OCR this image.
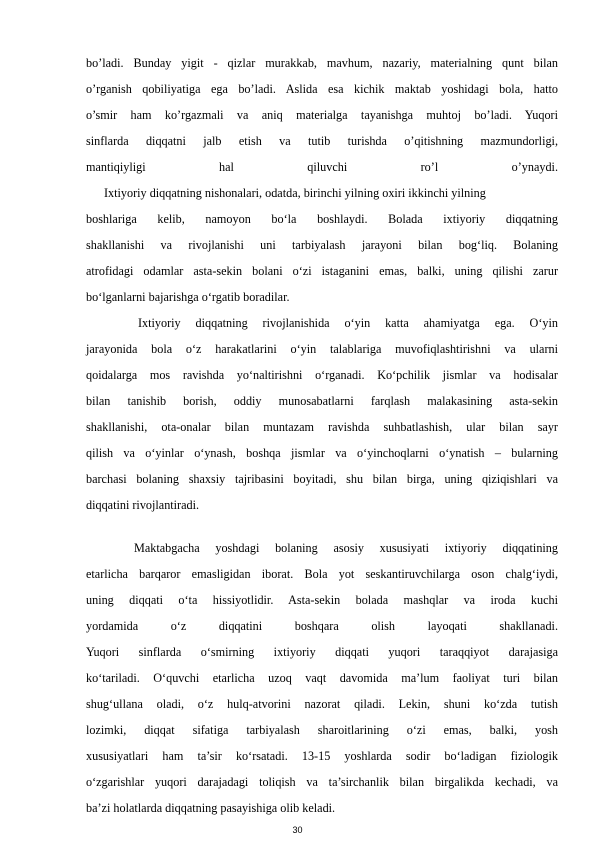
bo’ladi. Bunday yigit - qizlar murakkab, mavhum, nazariy, materialning qunt bilan
o’rganish qobiliyatiga ega bo’ladi. Aslida esa kichik maktab yoshidagi bola, hatto
o’smir ham ko’rgazmali va aniq materialga tayanishga muhtoj bo’ladi. Yuqori
sinflarda diqqatni jalb etish va tutib turishda o’qitishning mazmundorligi,
mantiqiyligi hal qiluvchi ro’l o’ynaydi.
Ixtiyoriy diqqatning nishonalari, odatda, birinchi yilning oxiri ikkinchi yilning
boshlariga kelib, namoyon bo‘la boshlaydi. Bolada ixtiyoriy diqqatning
shakllanishi va rivojlanishi uni tarbiyalash jarayoni bilan bog‘liq. Bolaning
atrofidagi odamlar asta-sekin bolani o‘zi istaganini emas, balki, uning qilishi zarur
bo‘lganlarni bajarishga o‘rgatib boradilar.
Ixtiyoriy diqqatning rivojlanishida o‘yin katta ahamiyatga ega. O‘yin
jarayonida bola o‘z harakatlarini o‘yin talablariga muvofiqlashtirishni va ularni
qoidalarga mos ravishda yo‘naltirishni o‘rganadi. Ko‘pchilik jismlar va hodisalar
bilan tanishib borish, oddiy munosabatlarni farqlash malakasining asta-sekin
shakllanishi, ota-onalar bilan muntazam ravishda suhbatlashish, ular bilan sayr
qilish va o‘yinlar o‘ynash, boshqa jismlar va o‘yinchoqlarni o‘ynatish – bularning
barchasi bolaning shaxsiy tajribasini boyitadi, shu bilan birga, uning qiziqishlari va
diqqatini rivojlantiradi.
Maktabgacha yoshdagi bolaning asosiy xususiyati ixtiyoriy diqqatining
etarlicha barqaror emasligidan iborat. Bola yot seskantiruvchilarga oson chalg‘iydi,
uning diqqati o‘ta hissiyotlidir. Asta-sekin bolada mashqlar va iroda kuchi
yordamida o‘z diqqatini boshqara olish layoqati shakllanadi.
Yuqori sinflarda o‘smirning ixtiyoriy diqqati yuqori taraqqiyot darajasiga
ko‘tariladi. O‘quvchi etarlicha uzoq vaqt davomida ma’lum faoliyat turi bilan
shug‘ullana oladi, o‘z hulq-atvorini nazorat qiladi. Lekin, shuni ko‘zda tutish
lozimki, diqqat sifatiga tarbiyalash sharoitlarining o‘zi emas, balki, yosh
xususiyatlari ham ta’sir ko‘rsatadi. 13-15 yoshlarda sodir bo‘ladigan fiziologik
o‘zgarishlar yuqori darajadagi toliqish va ta’sirchanlik bilan birgalikda kechadi, va
ba’zi holatlarda diqqatning pasayishiga olib keladi.
30
